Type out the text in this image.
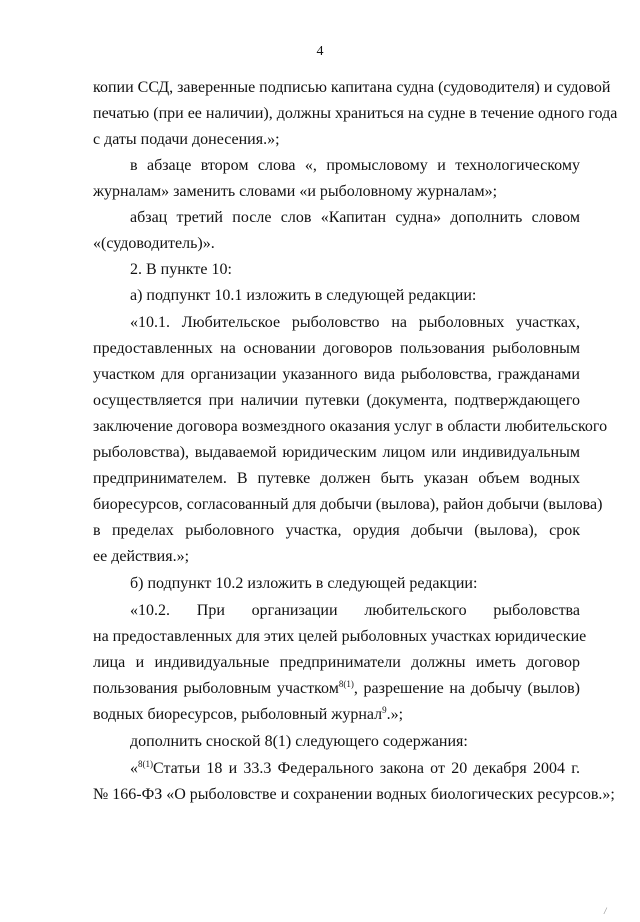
4
копии ССД, заверенные подписью капитана судна (судоводителя) и судовой
печатью (при ее наличии), должны храниться на судне в течение одного года
с даты подачи донесения.»;
в абзаце втором слова «, промысловому и технологическому
журналам» заменить словами «и рыболовному журналам»;
абзац третий после слов «Капитан судна» дополнить словом
«(судоводитель)».
2. В пункте 10:
а) подпункт 10.1 изложить в следующей редакции:
«10.1. Любительское рыболовство на рыболовных участках,
предоставленных на основании договоров пользования рыболовным
участком для организации указанного вида рыболовства, гражданами
осуществляется при наличии путевки (документа, подтверждающего
заключение договора возмездного оказания услуг в области любительского
рыболовства), выдаваемой юридическим лицом или индивидуальным
предпринимателем. В путевке должен быть указан объем водных
биоресурсов, согласованный для добычи (вылова), район добычи (вылова)
в пределах рыболовного участка, орудия добычи (вылова), срок
ее действия.»;
б) подпункт 10.2 изложить в следующей редакции:
«10.2. При организации любительского рыболовства
на предоставленных для этих целей рыболовных участках юридические
лица и индивидуальные предприниматели должны иметь договор
пользования рыболовным участком$^{8(1)}$, разрешение на добычу (вылов)
водных биоресурсов, рыболовный журнал$^9$.»;
дополнить сноской 8(1) следующего содержания:
«$^{8(1)}$Статьи 18 и 33.3 Федерального закона от 20 декабря 2004 г.
№ 166-ФЗ «О рыболовстве и сохранении водных биологических ресурсов.»;
/
